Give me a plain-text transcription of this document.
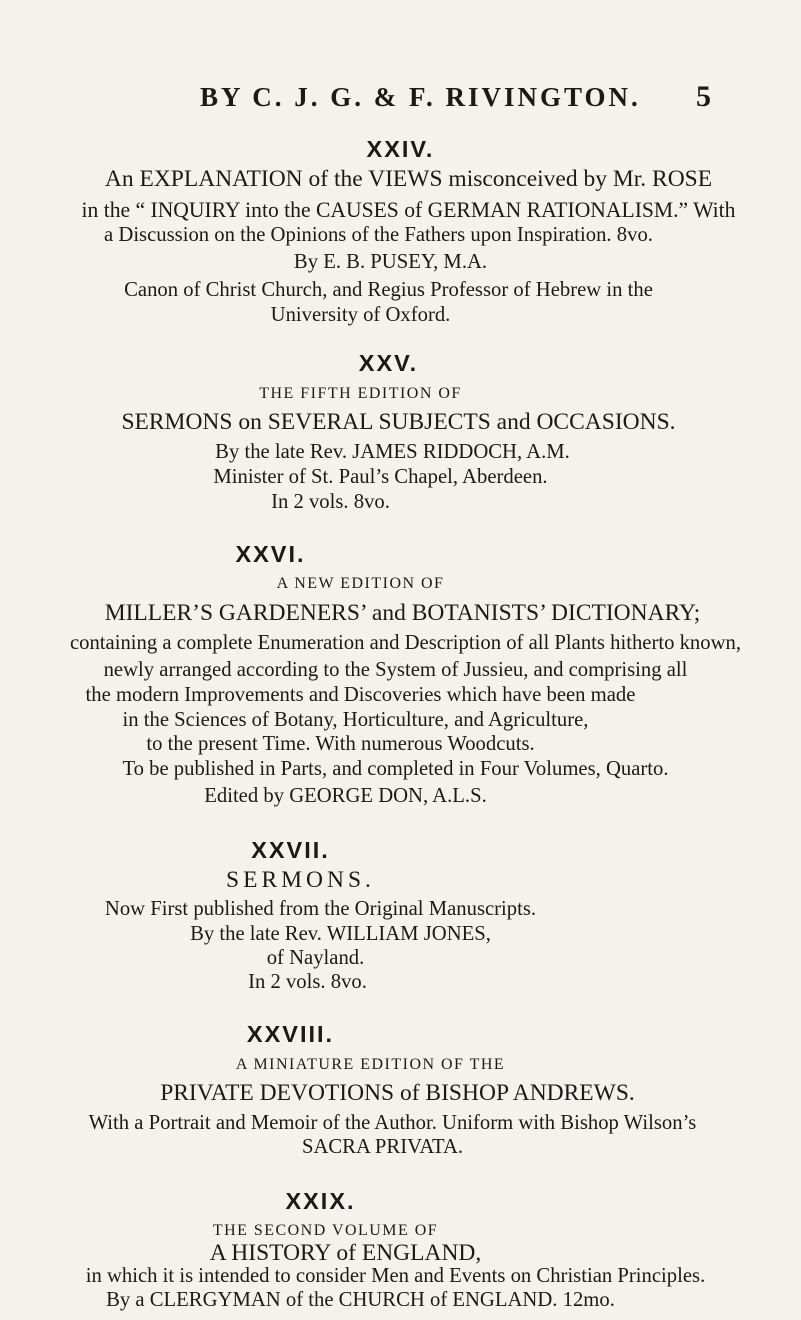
BY C. J. G. & F. RIVINGTON. 5
XXIV.
An EXPLANATION of the VIEWS misconceived by Mr. ROSE
in the “ INQUIRY into the CAUSES of GERMAN RATIONALISM.” With
a Discussion on the Opinions of the Fathers upon Inspiration. 8vo.
By E. B. PUSEY, M.A.
Canon of Christ Church, and Regius Professor of Hebrew in the
University of Oxford.
XXV.
THE FIFTH EDITION OF
SERMONS on SEVERAL SUBJECTS and OCCASIONS.
By the late Rev. JAMES RIDDOCH, A.M.
Minister of St. Paul’s Chapel, Aberdeen.
In 2 vols. 8vo.
XXVI.
A NEW EDITION OF
MILLER’S GARDENERS’ and BOTANISTS’ DICTIONARY;
containing a complete Enumeration and Description of all Plants hitherto known,
newly arranged according to the System of Jussieu, and comprising all
the modern Improvements and Discoveries which have been made
in the Sciences of Botany, Horticulture, and Agriculture,
to the present Time. With numerous Woodcuts.
To be published in Parts, and completed in Four Volumes, Quarto.
Edited by GEORGE DON, A.L.S.
XXVII.
SERMONS.
Now First published from the Original Manuscripts.
By the late Rev. WILLIAM JONES,
of Nayland.
In 2 vols. 8vo.
XXVIII.
A MINIATURE EDITION OF THE
PRIVATE DEVOTIONS of BISHOP ANDREWS.
With a Portrait and Memoir of the Author. Uniform with Bishop Wilson’s
SACRA PRIVATA.
XXIX.
THE SECOND VOLUME OF
A HISTORY of ENGLAND,
in which it is intended to consider Men and Events on Christian Principles.
By a CLERGYMAN of the CHURCH of ENGLAND. 12mo.
